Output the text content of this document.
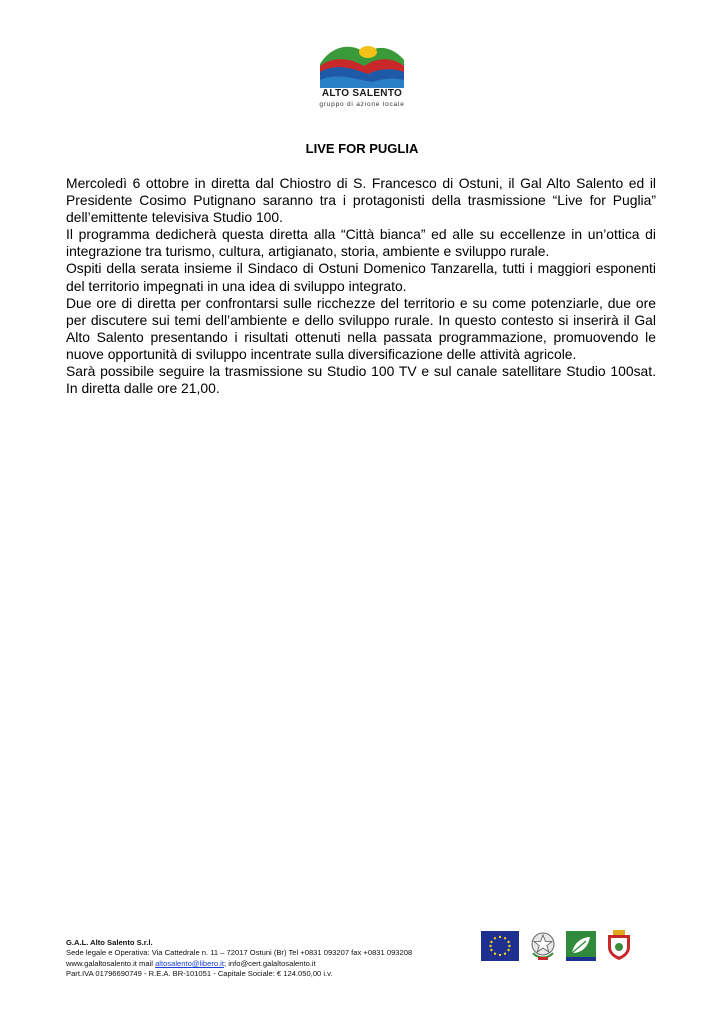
ALTO SALENTO
gruppo di azione locale
LIVE FOR PUGLIA

Mercoledì 6 ottobre in diretta dal Chiostro di S. Francesco di Ostuni, il Gal Alto Salento ed il Presidente Cosimo Putignano saranno tra i protagonisti della trasmissione “Live for Puglia” dell’emittente televisiva Studio 100.

Il programma dedicherà questa diretta alla “Città bianca” ed alle su eccellenze in un’ottica di integrazione tra turismo, cultura, artigianato, storia, ambiente e sviluppo rurale.

Ospiti della serata insieme il Sindaco di Ostuni Domenico Tanzarella, tutti i maggiori esponenti del territorio impegnati in una idea di sviluppo integrato.

Due ore di diretta per confrontarsi sulle ricchezze del territorio e su come potenziarle, due ore per discutere sui temi dell’ambiente e dello sviluppo rurale. In questo contesto si inserirà il Gal Alto Salento presentando i risultati ottenuti nella passata programmazione, promuovendo le nuove opportunità di sviluppo incentrate sulla diversificazione delle attività agricole.

Sarà possibile seguire la trasmissione su Studio 100 TV e sul canale satellitare Studio 100sat. In diretta dalle ore 21,00.

G.A.L. Alto Salento S.r.l.
Sede legale e Operativa: Via Cattedrale n. 11 – 72017 Ostuni (Br) Tel +0831 093207 fax +0831 093208
www.galaltosalento.it mail altosalento@libero.it; info@cert.galaltosalento.it
Part.IVA 01796690749 - R.E.A. BR-101051 - Capitale Sociale: € 124.050,00 i.v.
